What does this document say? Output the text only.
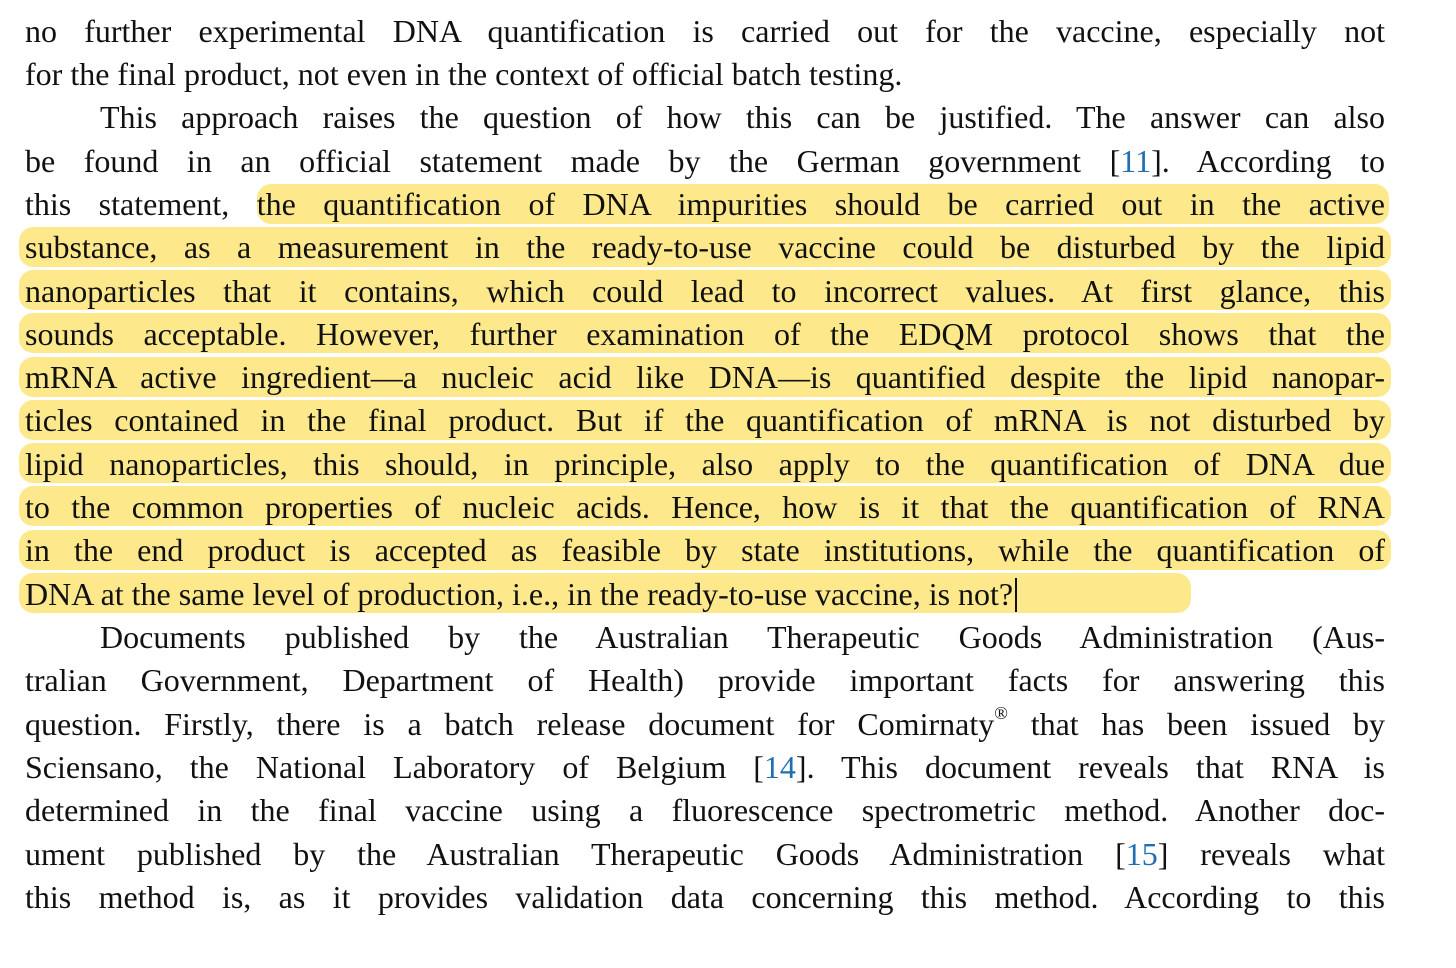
no further experimental DNA quantification is carried out for the vaccine, especially not
for the final product, not even in the context of official batch testing.
This approach raises the question of how this can be justified. The answer can also
be found in an official statement made by the German government [11]. According to
this statement, the quantification of DNA impurities should be carried out in the active
substance, as a measurement in the ready-to-use vaccine could be disturbed by the lipid
nanoparticles that it contains, which could lead to incorrect values. At first glance, this
sounds acceptable. However, further examination of the EDQM protocol shows that the
mRNA active ingredient—a nucleic acid like DNA—is quantified despite the lipid nanopar-
ticles contained in the final product. But if the quantification of mRNA is not disturbed by
lipid nanoparticles, this should, in principle, also apply to the quantification of DNA due
to the common properties of nucleic acids. Hence, how is it that the quantification of RNA
in the end product is accepted as feasible by state institutions, while the quantification of
DNA at the same level of production, i.e., in the ready-to-use vaccine, is not?
Documents published by the Australian Therapeutic Goods Administration (Aus-
tralian Government, Department of Health) provide important facts for answering this
question. Firstly, there is a batch release document for Comirnaty® that has been issued by
Sciensano, the National Laboratory of Belgium [14]. This document reveals that RNA is
determined in the final vaccine using a fluorescence spectrometric method. Another doc-
ument published by the Australian Therapeutic Goods Administration [15] reveals what
this method is, as it provides validation data concerning this method. According to this
